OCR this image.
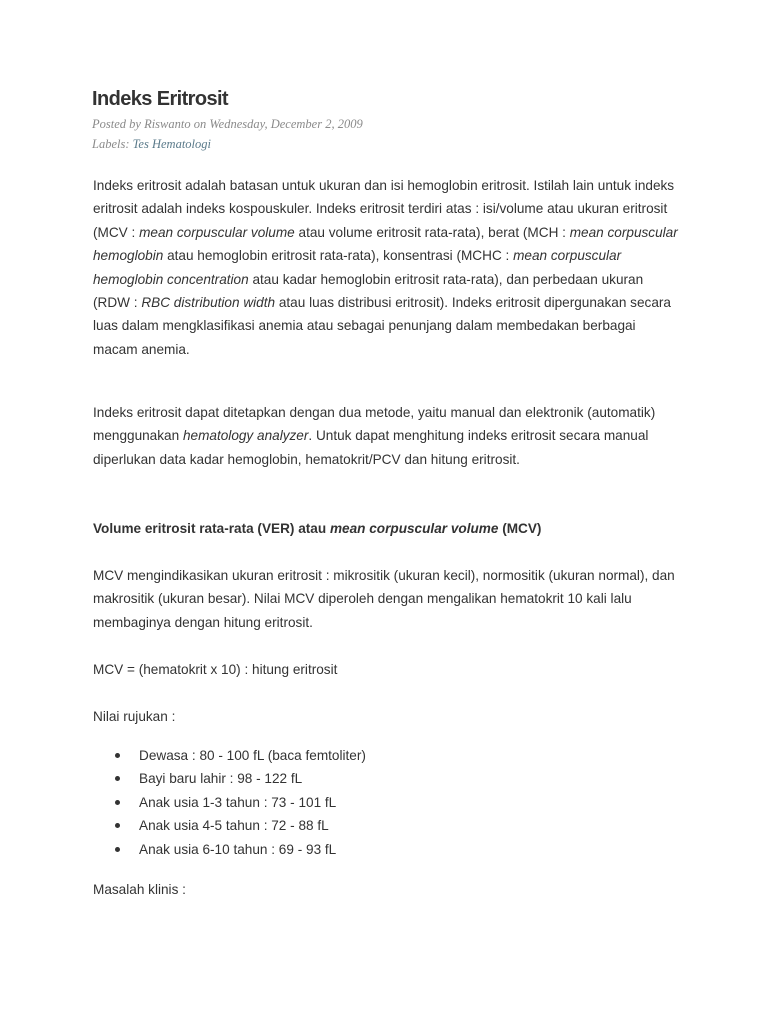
Indeks Eritrosit
Posted by Riswanto on Wednesday, December 2, 2009
Labels: Tes Hematologi

Indeks eritrosit adalah batasan untuk ukuran dan isi hemoglobin eritrosit. Istilah lain untuk indeks eritrosit adalah indeks kospouskuler. Indeks eritrosit terdiri atas : isi/volume atau ukuran eritrosit (MCV : mean corpuscular volume atau volume eritrosit rata-rata), berat (MCH : mean corpuscular hemoglobin atau hemoglobin eritrosit rata-rata), konsentrasi (MCHC : mean corpuscular hemoglobin concentration atau kadar hemoglobin eritrosit rata-rata), dan perbedaan ukuran (RDW : RBC distribution width atau luas distribusi eritrosit). Indeks eritrosit dipergunakan secara luas dalam mengklasifikasi anemia atau sebagai penunjang dalam membedakan berbagai macam anemia.

Indeks eritrosit dapat ditetapkan dengan dua metode, yaitu manual dan elektronik (automatik) menggunakan hematology analyzer. Untuk dapat menghitung indeks eritrosit secara manual diperlukan data kadar hemoglobin, hematokrit/PCV dan hitung eritrosit.

Volume eritrosit rata-rata (VER) atau mean corpuscular volume (MCV)

MCV mengindikasikan ukuran eritrosit : mikrositik (ukuran kecil), normositik (ukuran normal), dan makrositik (ukuran besar). Nilai MCV diperoleh dengan mengalikan hematokrit 10 kali lalu membaginya dengan hitung eritrosit.

MCV = (hematokrit x 10) : hitung eritrosit

Nilai rujukan :

Dewasa : 80 - 100 fL (baca femtoliter)
Bayi baru lahir : 98 - 122 fL
Anak usia 1-3 tahun : 73 - 101 fL
Anak usia 4-5 tahun : 72 - 88 fL
Anak usia 6-10 tahun : 69 - 93 fL

Masalah klinis :
